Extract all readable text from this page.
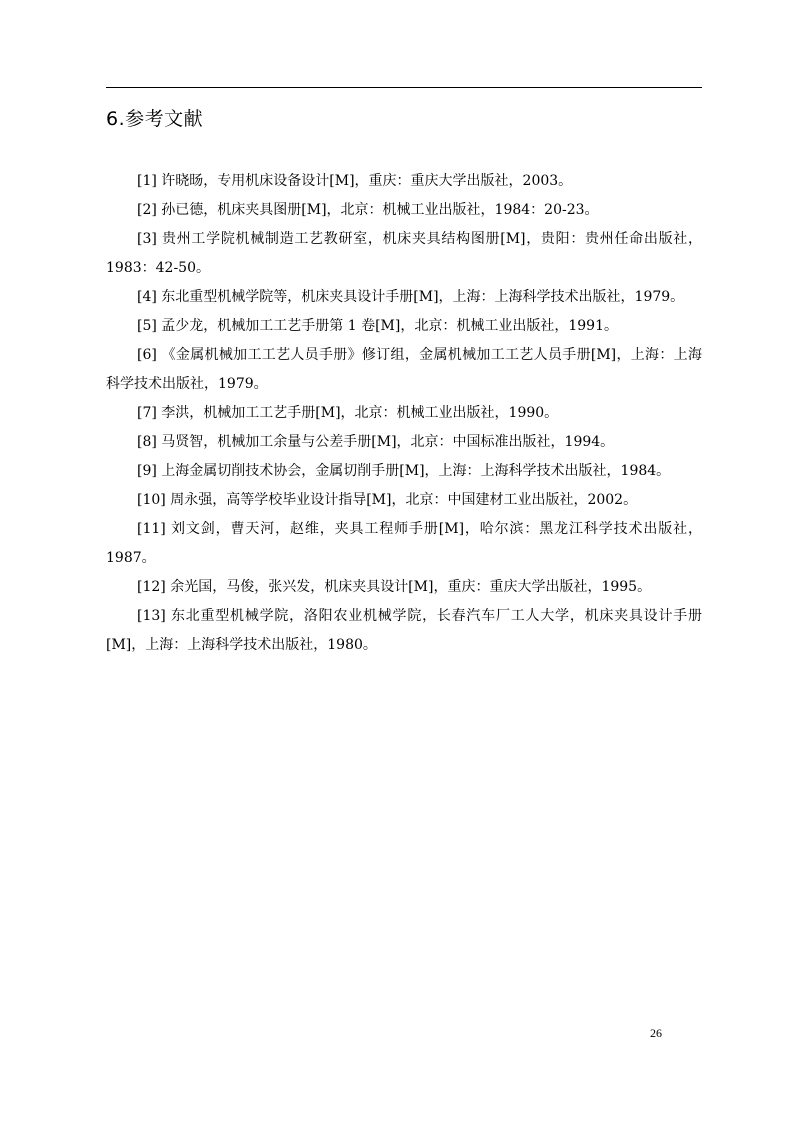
6.参考文献
[1] 许晓旸，专用机床设备设计[M]，重庆：重庆大学出版社，2003。
[2] 孙已德，机床夹具图册[M]，北京：机械工业出版社，1984：20-23。
[3] 贵州工学院机械制造工艺教研室，机床夹具结构图册[M]，贵阳：贵州任命出版社，1983：42-50。
[4] 东北重型机械学院等，机床夹具设计手册[M]，上海：上海科学技术出版社，1979。
[5] 孟少龙，机械加工工艺手册第 1 卷[M]，北京：机械工业出版社，1991。
[6] 《金属机械加工工艺人员手册》修订组，金属机械加工工艺人员手册[M]，上海：上海科学技术出版社，1979。
[7] 李洪，机械加工工艺手册[M]，北京：机械工业出版社，1990。
[8] 马贤智，机械加工余量与公差手册[M]，北京：中国标准出版社，1994。
[9] 上海金属切削技术协会，金属切削手册[M]，上海：上海科学技术出版社，1984。
[10] 周永强，高等学校毕业设计指导[M]，北京：中国建材工业出版社，2002。
[11] 刘文剑，曹天河，赵维，夹具工程师手册[M]，哈尔滨：黑龙江科学技术出版社，1987。
[12] 余光国，马俊，张兴发，机床夹具设计[M]，重庆：重庆大学出版社，1995。
[13] 东北重型机械学院，洛阳农业机械学院，长春汽车厂工人大学，机床夹具设计手册[M]，上海：上海科学技术出版社，1980。
26
